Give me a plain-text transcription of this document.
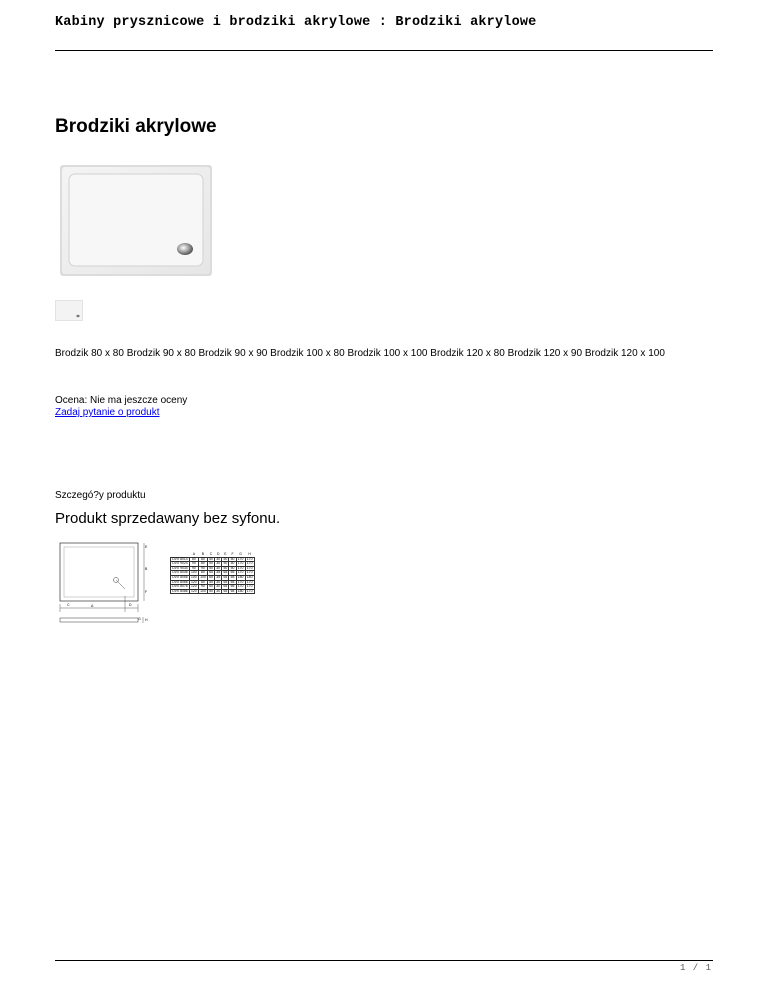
Kabiny prysznicowe i brodziki akrylowe : Brodziki akrylowe
Brodziki akrylowe
Brodzik 80 x 80 Brodzik 90 x 80 Brodzik 90 x 90 Brodzik 100 x 80 Brodzik 100 x 100 Brodzik 120 x 80 Brodzik 120 x 90 Brodzik 120 x 100
Ocena: Nie ma jeszcze oceny
Zadaj pytanie o produkt
Szczegó?y produktu
Produkt sprzedawany bez syfonu.
A
B
C	D
E
F
G H
	A	B	C	D	E	F	G	H
DVX 8014	80	80	50	30	50	50	170	170
DVX 9024	90	80	50	30	50	50	170	170
DVX 9034	90	90	50	30	50	50	170	170
DVX 8046	100	80	65	35	65	65	170	170
DVX 8056	100	100	65	35	65	65	180	180
DVX 8066	120	80	50	30	65	65	170	170
DVX 8076	120	90	50	30	65	65	170	170
DVX 8086	120	100	50	30	65	65	180	170
1 / 1
